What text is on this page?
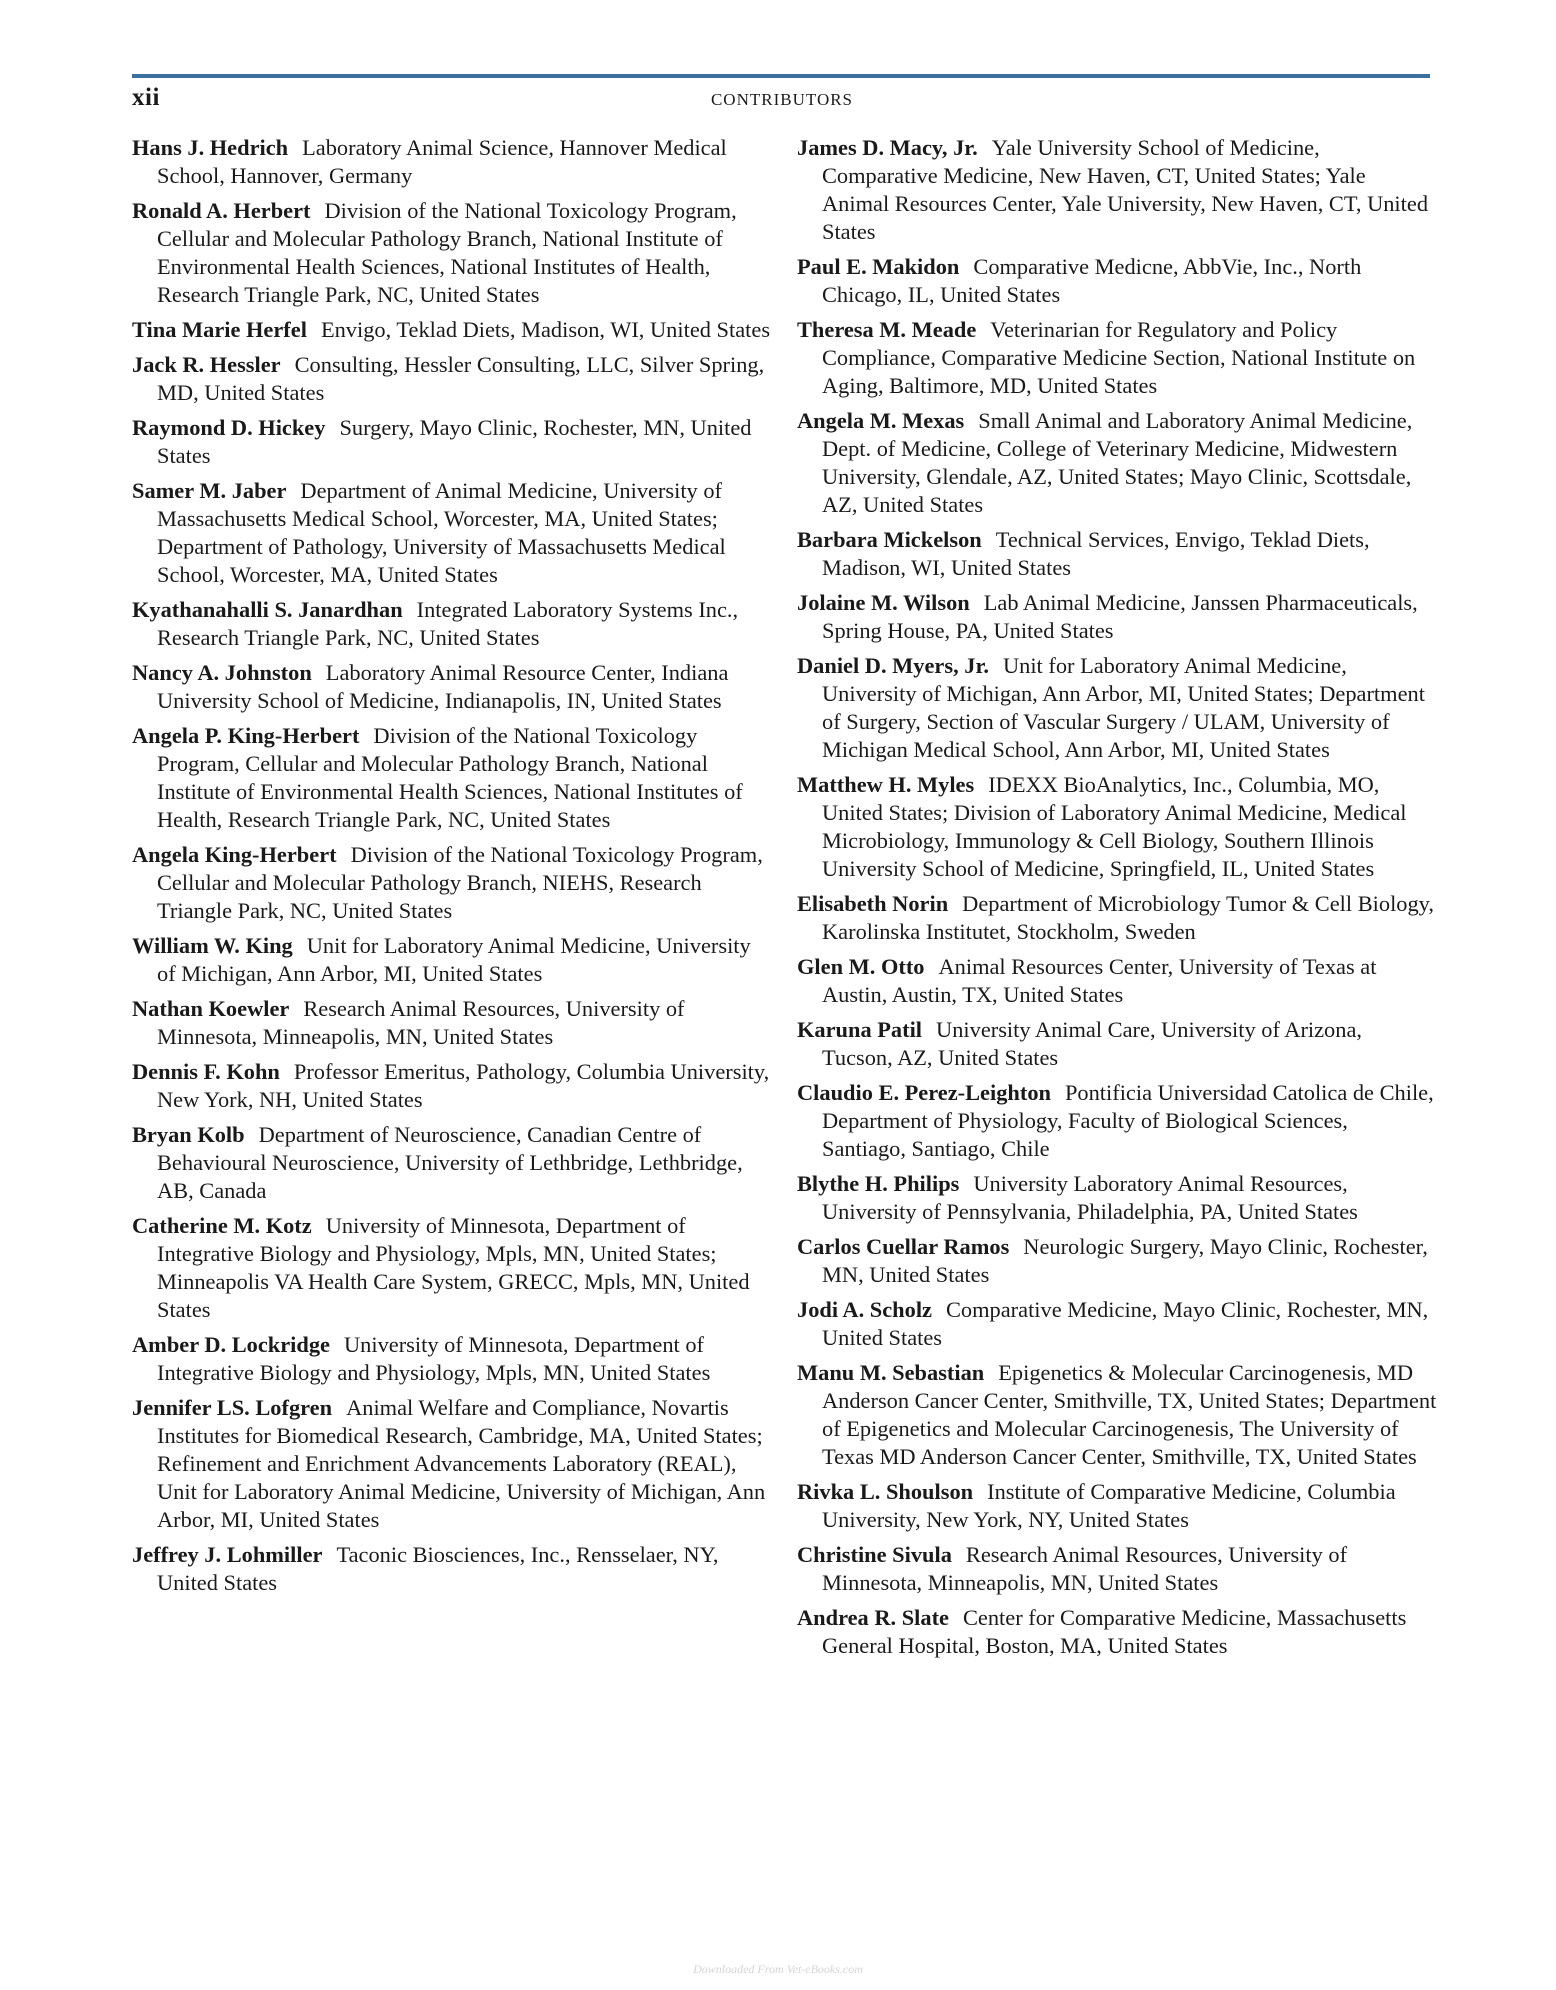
xii	CONTRIBUTORS

Hans J. Hedrich Laboratory Animal Science, Hannover Medical School, Hannover, Germany

Ronald A. Herbert Division of the National Toxicology Program, Cellular and Molecular Pathology Branch, National Institute of Environmental Health Sciences, National Institutes of Health, Research Triangle Park, NC, United States

Tina Marie Herfel Envigo, Teklad Diets, Madison, WI, United States

Jack R. Hessler Consulting, Hessler Consulting, LLC, Silver Spring, MD, United States

Raymond D. Hickey Surgery, Mayo Clinic, Rochester, MN, United States

Samer M. Jaber Department of Animal Medicine, University of Massachusetts Medical School, Worcester, MA, United States; Department of Pathology, University of Massachusetts Medical School, Worcester, MA, United States

Kyathanahalli S. Janardhan Integrated Laboratory Systems Inc., Research Triangle Park, NC, United States

Nancy A. Johnston Laboratory Animal Resource Center, Indiana University School of Medicine, Indianapolis, IN, United States

Angela P. King-Herbert Division of the National Toxicology Program, Cellular and Molecular Pathology Branch, National Institute of Environmental Health Sciences, National Institutes of Health, Research Triangle Park, NC, United States

Angela King-Herbert Division of the National Toxicology Program, Cellular and Molecular Pathology Branch, NIEHS, Research Triangle Park, NC, United States

William W. King Unit for Laboratory Animal Medicine, University of Michigan, Ann Arbor, MI, United States

Nathan Koewler Research Animal Resources, University of Minnesota, Minneapolis, MN, United States

Dennis F. Kohn Professor Emeritus, Pathology, Columbia University, New York, NH, United States

Bryan Kolb Department of Neuroscience, Canadian Centre of Behavioural Neuroscience, University of Lethbridge, Lethbridge, AB, Canada

Catherine M. Kotz University of Minnesota, Department of Integrative Biology and Physiology, Mpls, MN, United States; Minneapolis VA Health Care System, GRECC, Mpls, MN, United States

Amber D. Lockridge University of Minnesota, Department of Integrative Biology and Physiology, Mpls, MN, United States

Jennifer LS. Lofgren Animal Welfare and Compliance, Novartis Institutes for Biomedical Research, Cambridge, MA, United States; Refinement and Enrichment Advancements Laboratory (REAL), Unit for Laboratory Animal Medicine, University of Michigan, Ann Arbor, MI, United States

Jeffrey J. Lohmiller Taconic Biosciences, Inc., Rensselaer, NY, United States

James D. Macy, Jr. Yale University School of Medicine, Comparative Medicine, New Haven, CT, United States; Yale Animal Resources Center, Yale University, New Haven, CT, United States

Paul E. Makidon Comparative Medicne, AbbVie, Inc., North Chicago, IL, United States

Theresa M. Meade Veterinarian for Regulatory and Policy Compliance, Comparative Medicine Section, National Institute on Aging, Baltimore, MD, United States

Angela M. Mexas Small Animal and Laboratory Animal Medicine, Dept. of Medicine, College of Veterinary Medicine, Midwestern University, Glendale, AZ, United States; Mayo Clinic, Scottsdale, AZ, United States

Barbara Mickelson Technical Services, Envigo, Teklad Diets, Madison, WI, United States

Jolaine M. Wilson Lab Animal Medicine, Janssen Pharmaceuticals, Spring House, PA, United States

Daniel D. Myers, Jr. Unit for Laboratory Animal Medicine, University of Michigan, Ann Arbor, MI, United States; Department of Surgery, Section of Vascular Surgery / ULAM, University of Michigan Medical School, Ann Arbor, MI, United States

Matthew H. Myles IDEXX BioAnalytics, Inc., Columbia, MO, United States; Division of Laboratory Animal Medicine, Medical Microbiology, Immunology & Cell Biology, Southern Illinois University School of Medicine, Springfield, IL, United States

Elisabeth Norin Department of Microbiology Tumor & Cell Biology, Karolinska Institutet, Stockholm, Sweden

Glen M. Otto Animal Resources Center, University of Texas at Austin, Austin, TX, United States

Karuna Patil University Animal Care, University of Arizona, Tucson, AZ, United States

Claudio E. Perez-Leighton Pontificia Universidad Catolica de Chile, Department of Physiology, Faculty of Biological Sciences, Santiago, Santiago, Chile

Blythe H. Philips University Laboratory Animal Resources, University of Pennsylvania, Philadelphia, PA, United States

Carlos Cuellar Ramos Neurologic Surgery, Mayo Clinic, Rochester, MN, United States

Jodi A. Scholz Comparative Medicine, Mayo Clinic, Rochester, MN, United States

Manu M. Sebastian Epigenetics & Molecular Carcinogenesis, MD Anderson Cancer Center, Smithville, TX, United States; Department of Epigenetics and Molecular Carcinogenesis, The University of Texas MD Anderson Cancer Center, Smithville, TX, United States

Rivka L. Shoulson Institute of Comparative Medicine, Columbia University, New York, NY, United States

Christine Sivula Research Animal Resources, University of Minnesota, Minneapolis, MN, United States

Andrea R. Slate Center for Comparative Medicine, Massachusetts General Hospital, Boston, MA, United States

Downloaded From Vet-eBooks.com
